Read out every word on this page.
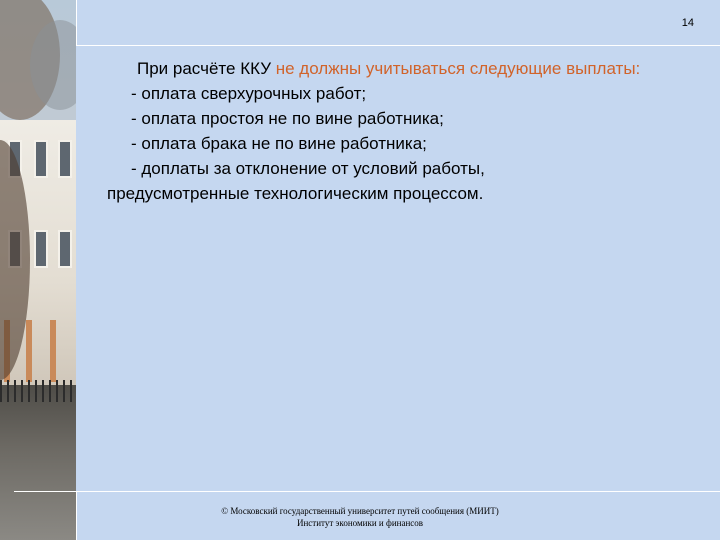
14

При расчёте ККУ не должны учитываться следующие выплаты:

- оплата сверхурочных работ;

- оплата простоя не по вине работника;

- оплата брака не по вине работника;

- доплаты за отклонение от условий работы,

предусмотренные технологическим процессом.

© Московский государственный университет путей сообщения (МИИТ)
Институт экономики и финансов
